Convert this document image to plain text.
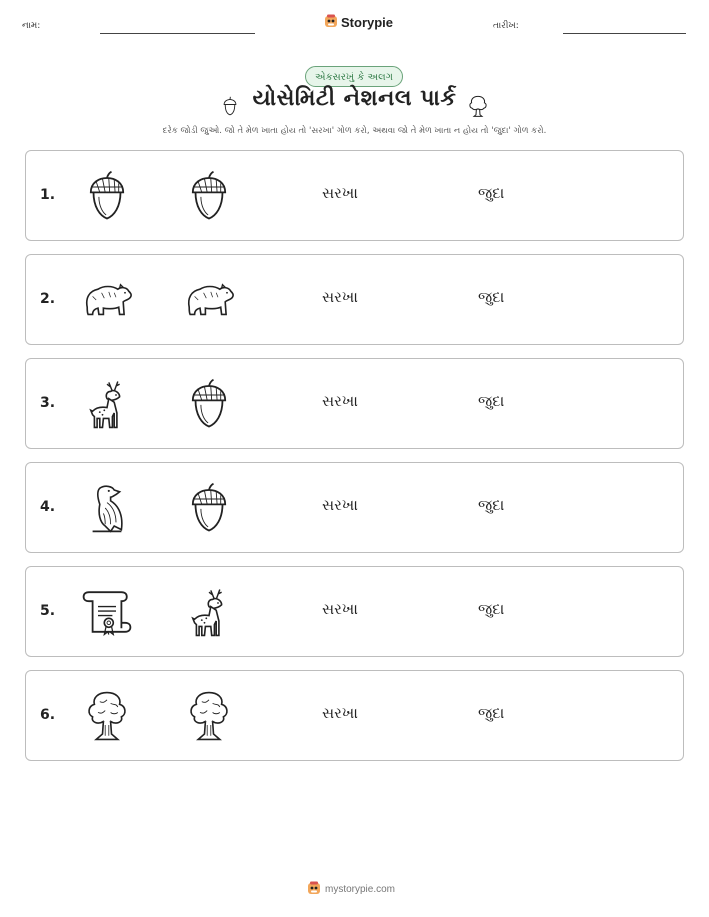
નામ:	Storypie	તારીખ:
એકસરખું કે અલગ
યોસેમિટી નેશનલ પાર્ક
દરેક જોડી જુઓ. જો તે મેળ ખાતા હોય તો 'સરખા' ગોળ કરો, અથવા જો તે મેળ ખાતા ન હોય તો 'જુદા' ગોળ કરો.
1.	સરખા	જુદા
2.	સરખા	જુદા
3.	સરખા	જુદા
4.	સરખા	જુદા
5.	સરખા	જુદા
6.	સરખા	જુદા
mystorypie.com
